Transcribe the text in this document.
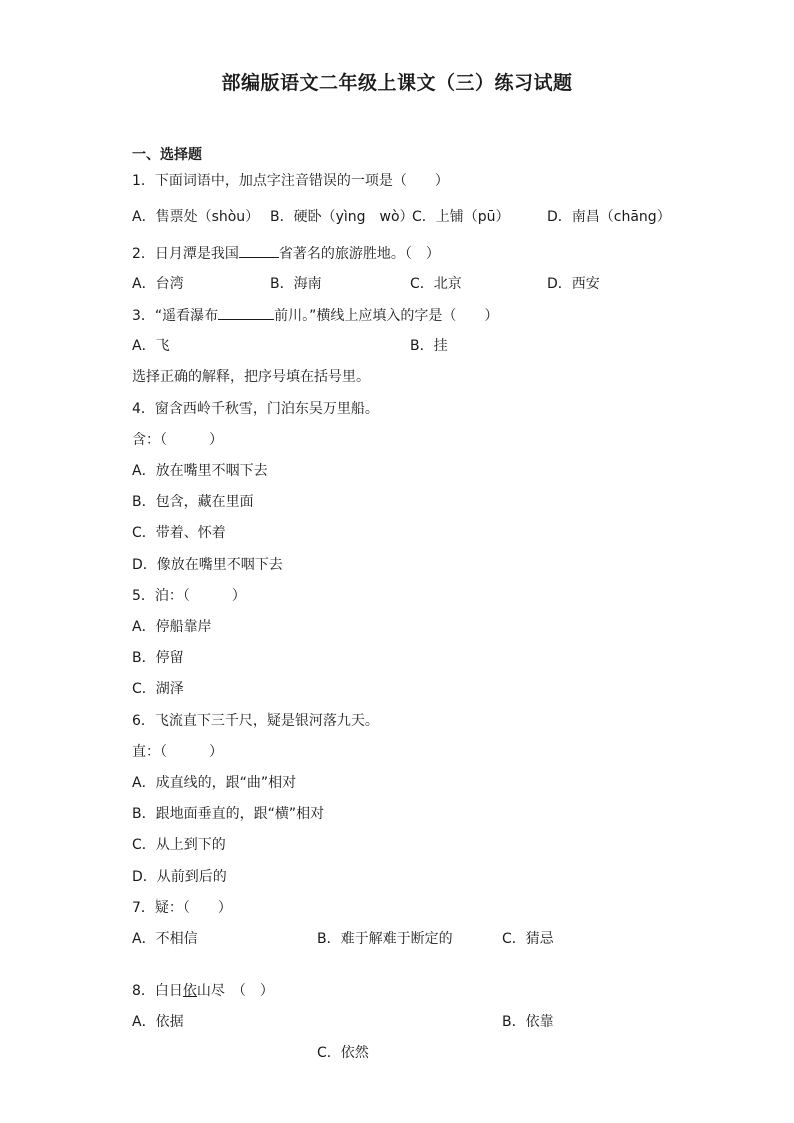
部编版语文二年级上课文（三）练习试题
一、选择题
1．下面词语中，加点字注音错误的一项是（　　）
A．售票处（shòu） B．硬卧（yìng　wò）
C．上铺（pū）	D．南昌（chāng）
2．日月潭是我国	省著名的旅游胜地。（　）
A．台湾	B．海南	C．北京	D．西安
3．“遥看瀑布	前川。”横线上应填入的字是（　　）
A．飞	B．挂
选择正确的解释，把序号填在括号里。
4．窗含西岭千秋雪，门泊东吴万里船。
含：（　　　）
A．放在嘴里不咽下去
B．包含，藏在里面
C．带着、怀着
D．像放在嘴里不咽下去
5．泊：（　　　）
A．停船靠岸
B．停留
C．湖泽
6．飞流直下三千尺，疑是银河落九天。
直：（　　　）
A．成直线的，跟“曲”相对
B．跟地面垂直的，跟“横”相对
C．从上到下的
D．从前到后的
7．疑：（　　）
A．不相信	B．难于解难于断定的	C．猜忌
8．白日依山尽　（　）
A．依据	B．依靠
C．依然
